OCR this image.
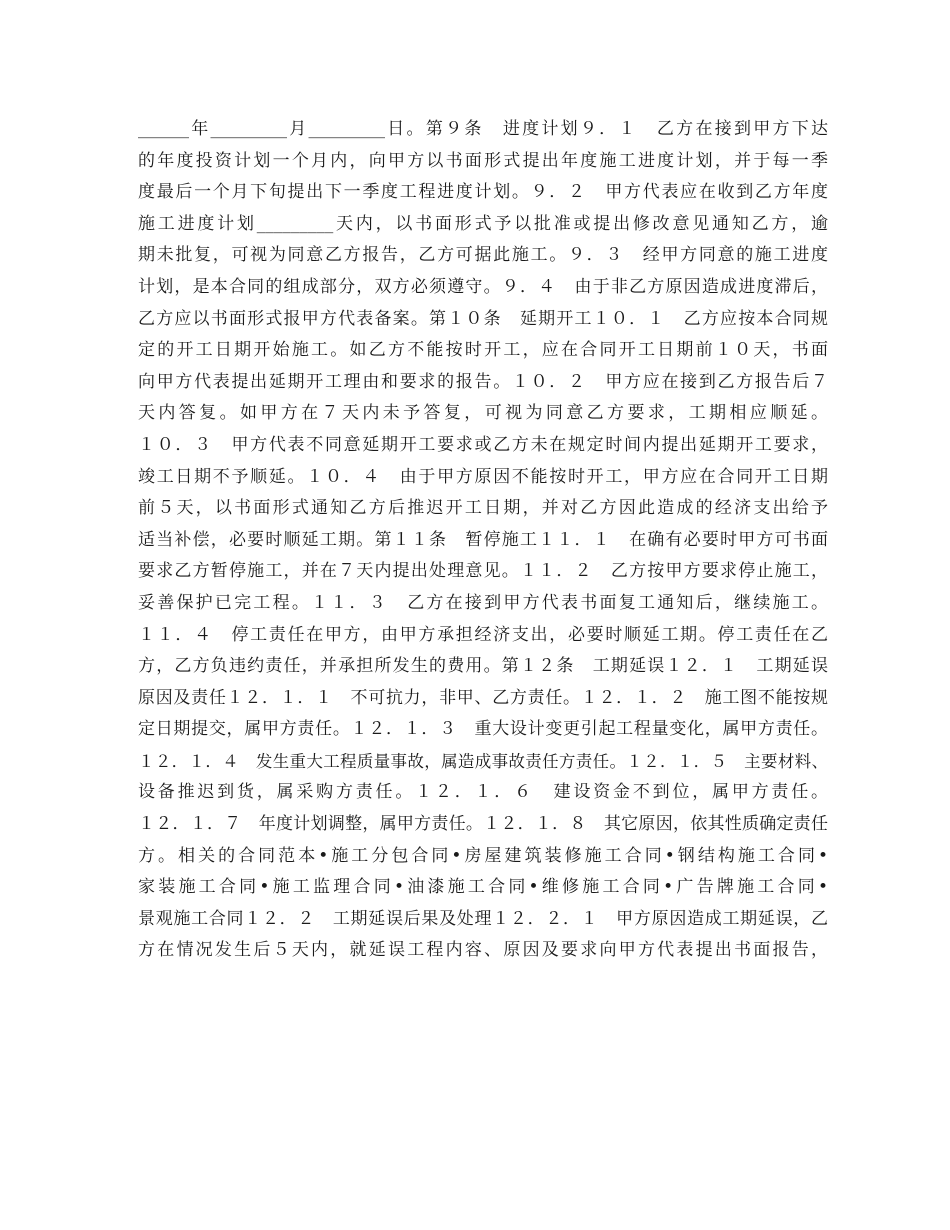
______年_________月_________日。第９条　进度计划９．１　乙方在接到甲方下达
的年度投资计划一个月内，向甲方以书面形式提出年度施工进度计划，并于每一季
度最后一个月下旬提出下一季度工程进度计划。９．２　甲方代表应在收到乙方年度
施工进度计划_________天内，以书面形式予以批准或提出修改意见通知乙方，逾
期未批复，可视为同意乙方报告，乙方可据此施工。９．３　经甲方同意的施工进度
计划，是本合同的组成部分，双方必须遵守。９．４　由于非乙方原因造成进度滞后，
乙方应以书面形式报甲方代表备案。第１０条　延期开工１０．１　乙方应按本合同规
定的开工日期开始施工。如乙方不能按时开工，应在合同开工日期前１０天，书面
向甲方代表提出延期开工理由和要求的报告。１０．２　甲方应在接到乙方报告后７
天内答复。如甲方在７天内未予答复，可视为同意乙方要求，工期相应顺延。
１０．３　甲方代表不同意延期开工要求或乙方未在规定时间内提出延期开工要求，
竣工日期不予顺延。１０．４　由于甲方原因不能按时开工，甲方应在合同开工日期
前５天，以书面形式通知乙方后推迟开工日期，并对乙方因此造成的经济支出给予
适当补偿，必要时顺延工期。第１１条　暂停施工１１．１　在确有必要时甲方可书面
要求乙方暂停施工，并在７天内提出处理意见。１１．２　乙方按甲方要求停止施工，
妥善保护已完工程。１１．３　乙方在接到甲方代表书面复工通知后，继续施工。
１１．４　停工责任在甲方，由甲方承担经济支出，必要时顺延工期。停工责任在乙
方，乙方负违约责任，并承担所发生的费用。第１２条　工期延误１２．１　工期延误
原因及责任１２．１．１　不可抗力，非甲、乙方责任。１２．１．２　施工图不能按规
定日期提交，属甲方责任。１２．１．３　重大设计变更引起工程量变化，属甲方责任。
１２．１．４　发生重大工程质量事故，属造成事故责任方责任。１２．１．５　主要材料、
设备推迟到货，属采购方责任。１２．１．６　建设资金不到位，属甲方责任。
１２．１．７　年度计划调整，属甲方责任。１２．１．８　其它原因，依其性质确定责任
方。相关的合同范本•施工分包合同•房屋建筑装修施工合同•钢结构施工合同•
家装施工合同•施工监理合同•油漆施工合同•维修施工合同•广告牌施工合同•
景观施工合同１２．２　工期延误后果及处理１２．２．１　甲方原因造成工期延误，乙
方在情况发生后５天内，就延误工程内容、原因及要求向甲方代表提出书面报告，
